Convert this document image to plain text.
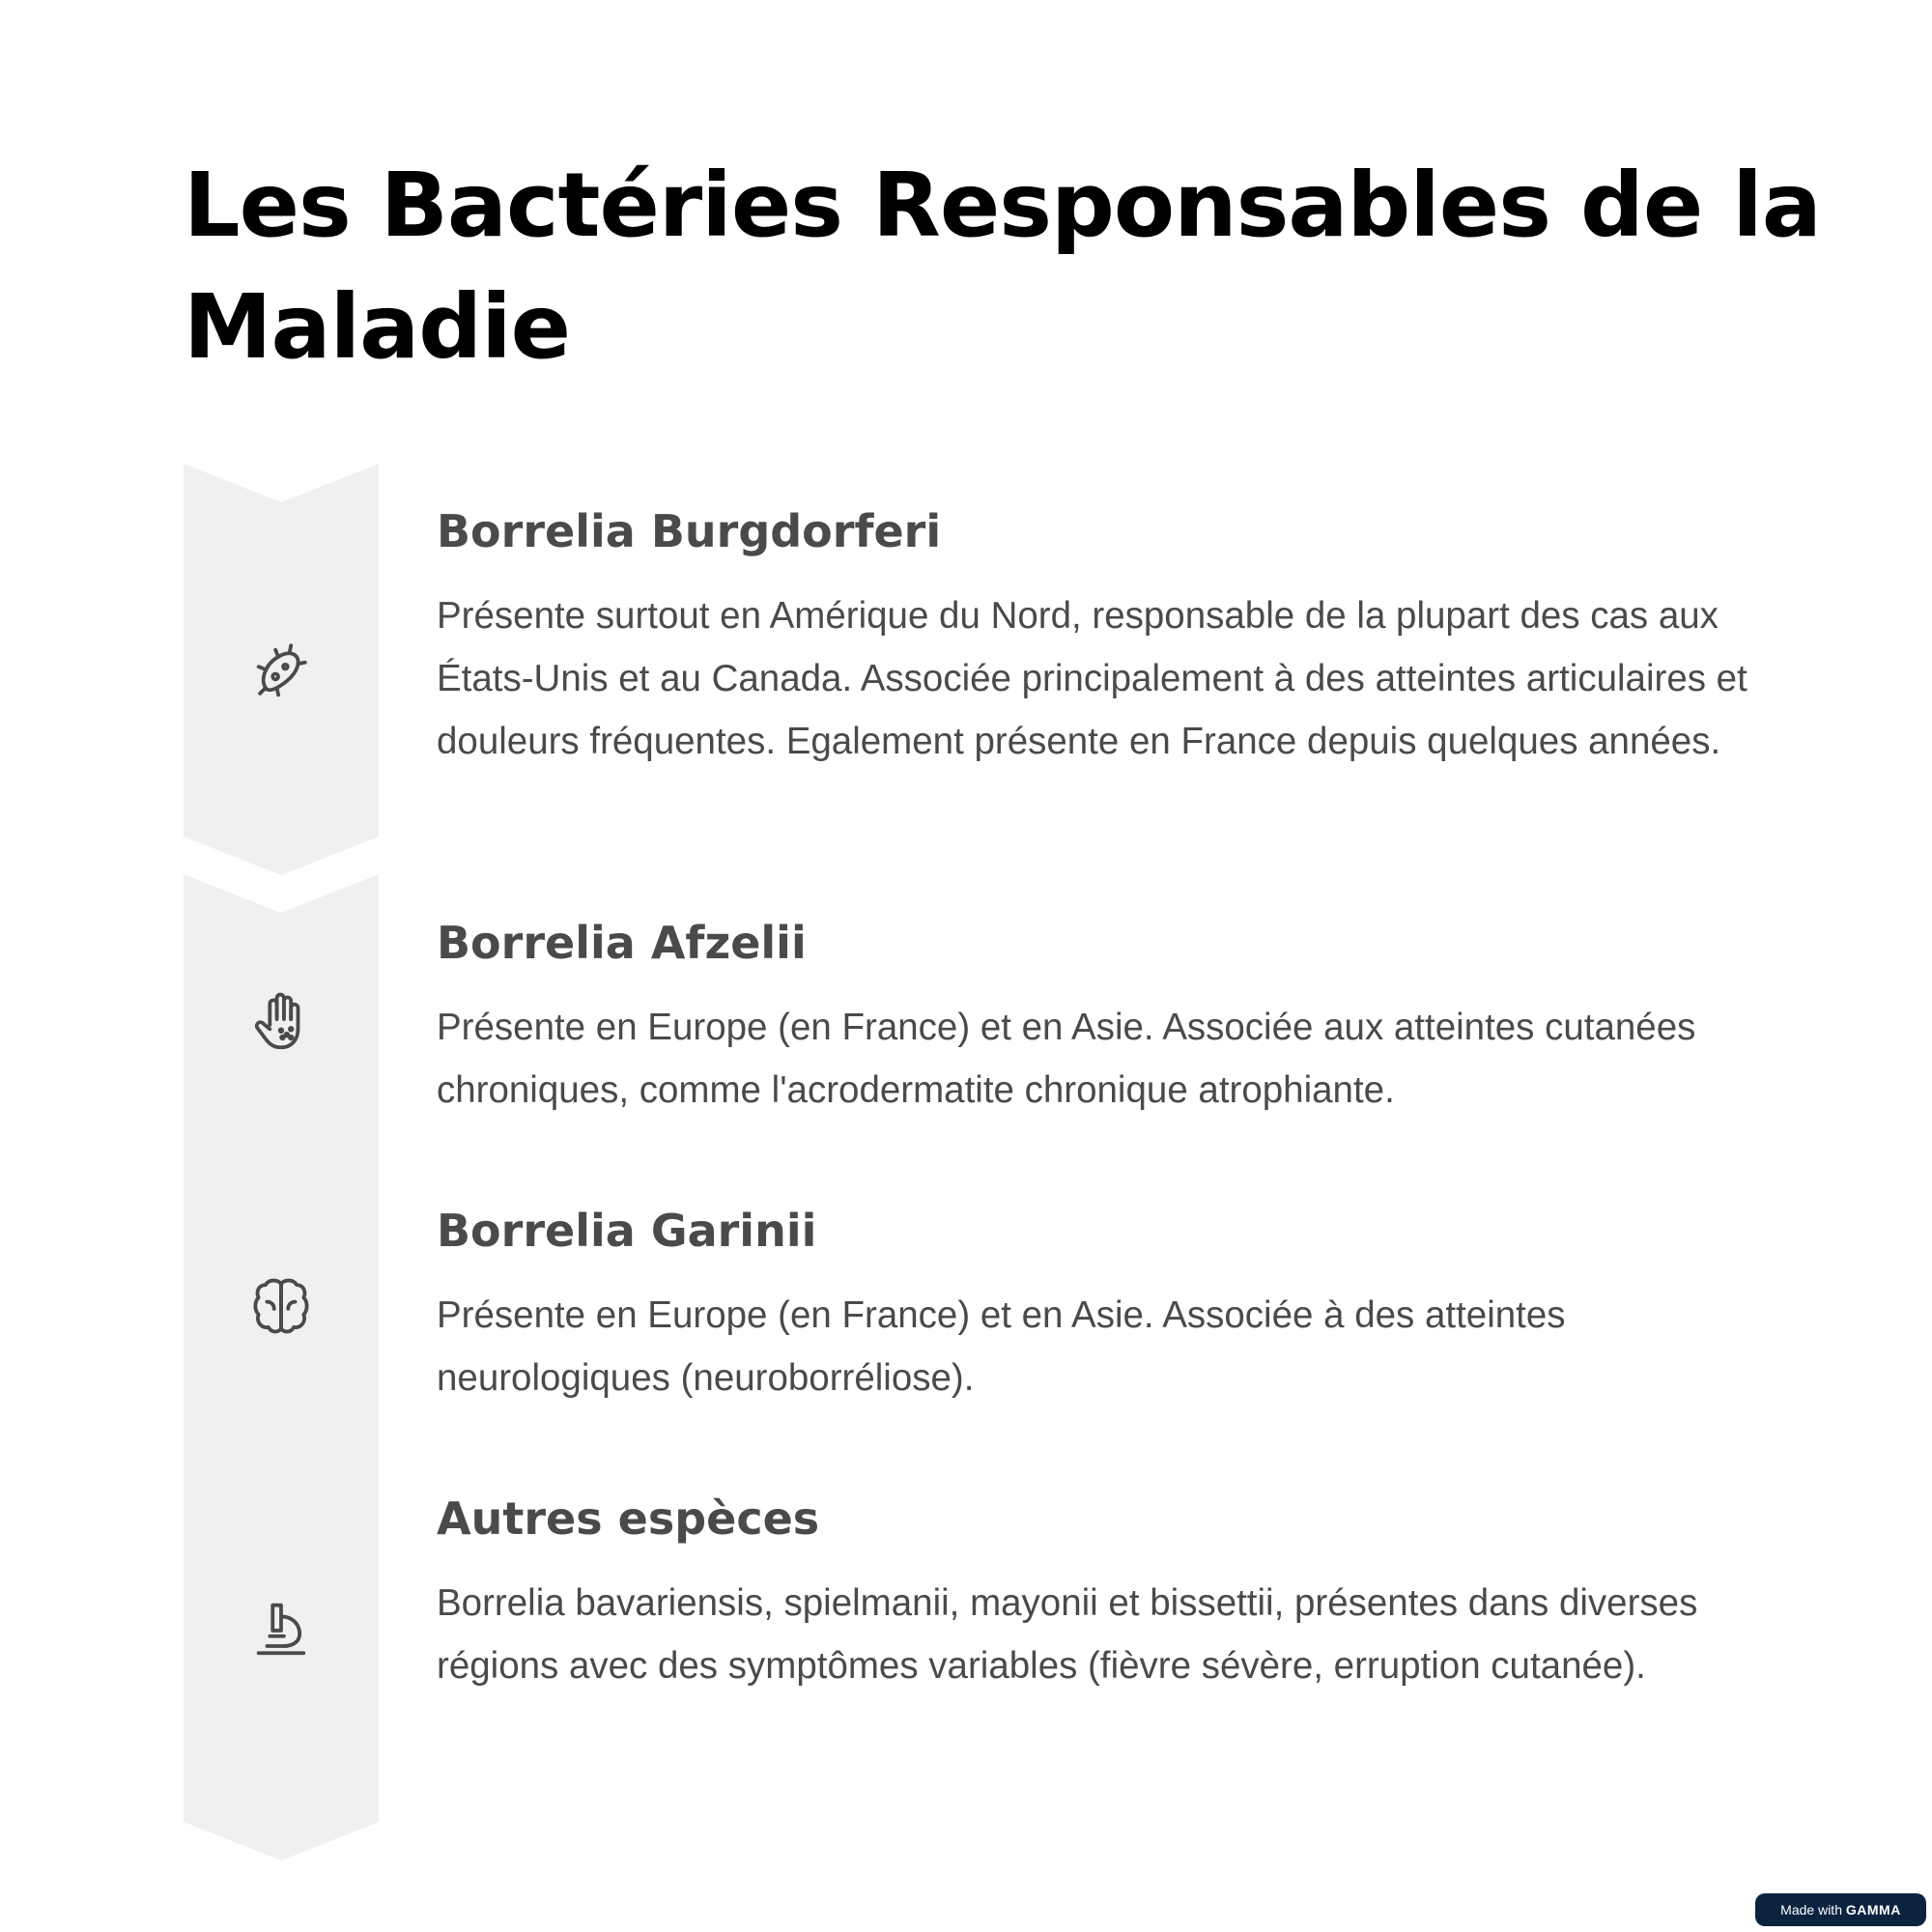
Les Bactéries Responsables de la Maladie
Borrelia Burgdorferi

Présente surtout en Amérique du Nord, responsable de la plupart des cas aux États-Unis et au Canada. Associée principalement à des atteintes articulaires et douleurs fréquentes. Egalement présente en France depuis quelques années.

Borrelia Afzelii

Présente en Europe (en France) et en Asie. Associée aux atteintes cutanées chroniques, comme l'acrodermatite chronique atrophiante.

Borrelia Garinii

Présente en Europe (en France) et en Asie. Associée à des atteintes neurologiques (neuroborréliose).

Autres espèces

Borrelia bavariensis, spielmanii, mayonii et bissettii, présentes dans diverses régions avec des symptômes variables (fièvre sévère, erruption cutanée).

Made with GAMMA
